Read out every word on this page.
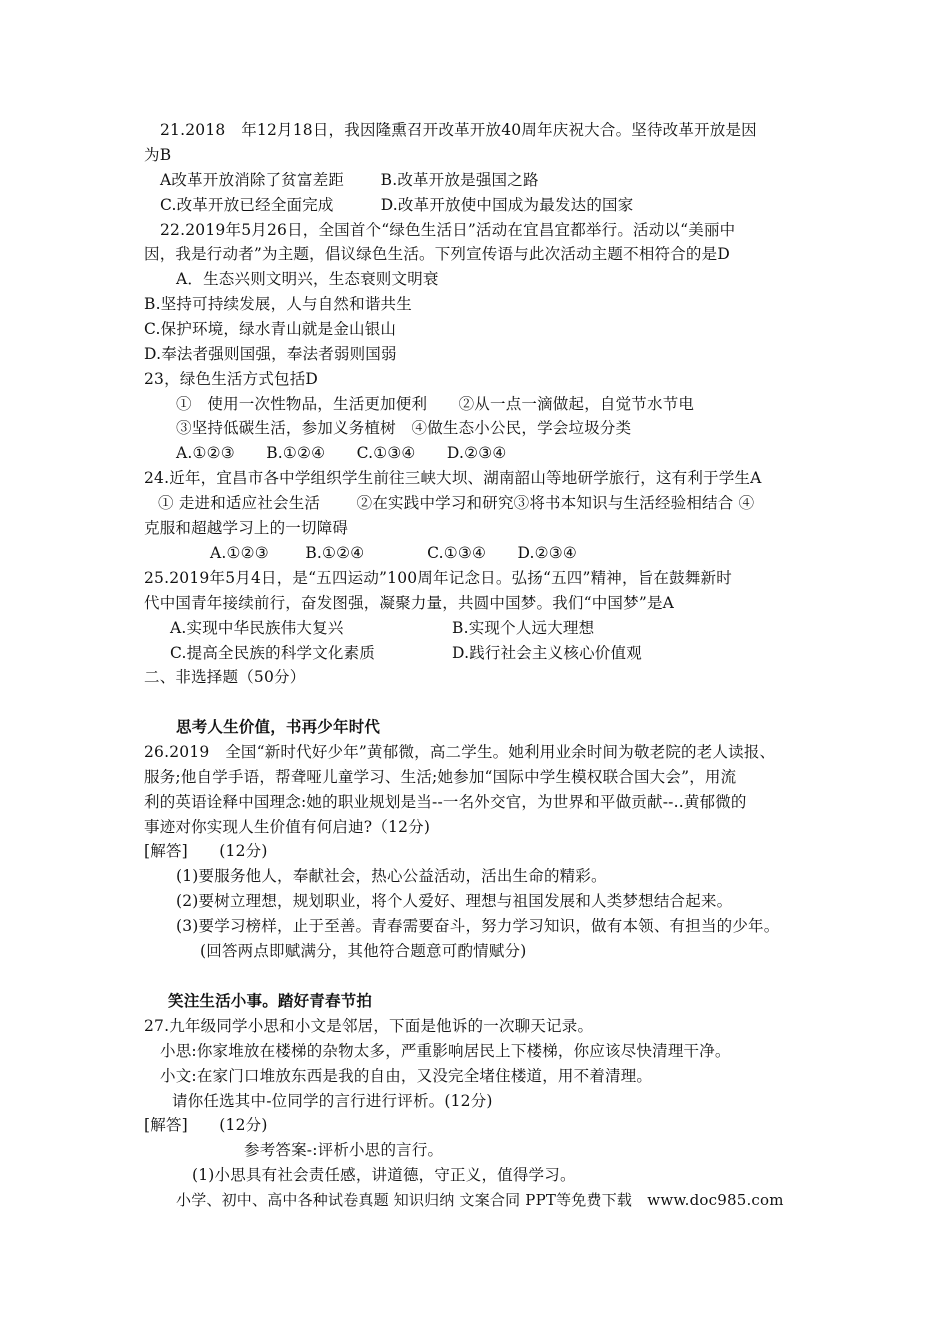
21.2018　年12月18日，我因隆熏召开改革开放40周年庆祝大合。坚待改革开放是因
为B
A改革开放消除了贫富差距　　 B.改革开放是强国之路
C.改革开放已经全面完成　　　D.改革开放使中国成为最发达的国家
22.2019年5月26日，全国首个“绿色生活日”活动在宜昌宜都举行。活动以“美丽中
因，我是行动者”为主题，倡议绿色生活。下列宣传语与此次活动主题不相符合的是D
A．生态兴则文明兴，生态衰则文明衰
B.坚持可持续发展，人与自然和谐共生
C.保护环境，绿水青山就是金山银山
D.奉法者强则国强，奉法者弱则国弱
23，绿色生活方式包括D
①　使用一次性物品，生活更加便利　　②从一点一滴做起，自觉节水节电
③坚持低碳生活，参加义务植树　④做生态小公民，学会垃圾分类
A.①②③　　B.①②④　　C.①③④　　D.②③④
24.近年，宜昌市各中学组织学生前往三峡大坝、湖南韶山等地研学旅行，这有利于学生A
① 走进和适应社会生活　　 ②在实践中学习和研究③将书本知识与生活经验相结合 ④
克服和超越学习上的一切障碍
A.①②③　　 B.①②④　　　　C.①③④　　D.②③④
25.2019年5月4日，是“五四运动”100周年记念日。弘扬“五四”精神，旨在鼓舞新时
代中国青年接续前行，奋发图强，凝聚力量，共圆中国梦。我们“中国梦”是A
A.实现中华民族伟大复兴	B.实现个人远大理想
C.提高全民族的科学文化素质	D.践行社会主义核心价值观
二、非选择题（50分）
思考人生价值，书再少年时代
26.2019　全国“新时代好少年”黄郁微，高二学生。她利用业余时间为敬老院的老人读报、
服务;他自学手语，帮聋哑儿童学习、生活;她参加“国际中学生模权联合国大会”，用流
利的英语诠释中国理念:她的职业规划是当--一名外交官，为世界和平做贡献--..黄郁微的
事迹对你实现人生价值有何启迪?（12分)
[解答]　　(12分)
(1)要服务他人，奉献社会，热心公益活动，活出生命的精彩。
(2)要树立理想，规划职业，将个人爱好、理想与祖国发展和人类梦想结合起来。
(3)要学习榜样，止于至善。青春需要奋斗，努力学习知识，做有本领、有担当的少年。
(回答两点即赋满分，其他符合题意可酌情赋分)
笑注生活小事。踏好青春节拍
27.九年级同学小思和小文是邻居，下面是他诉的一次聊天记录。
小思:你家堆放在楼梯的杂物太多，严重影响居民上下楼梯，你应该尽快清理干净。
小文:在家门口堆放东西是我的自由，又没完全堵住楼道，用不着清理。
请你任选其中-位同学的言行进行评析。(12分)
[解答]　　(12分)
参考答案-:评析小思的言行。
(1)小思具有社会责任感，讲道德，守正义，值得学习。
小学、初中、高中各种试卷真题 知识归纳 文案合同 PPT等免费下载　www.doc985.com
